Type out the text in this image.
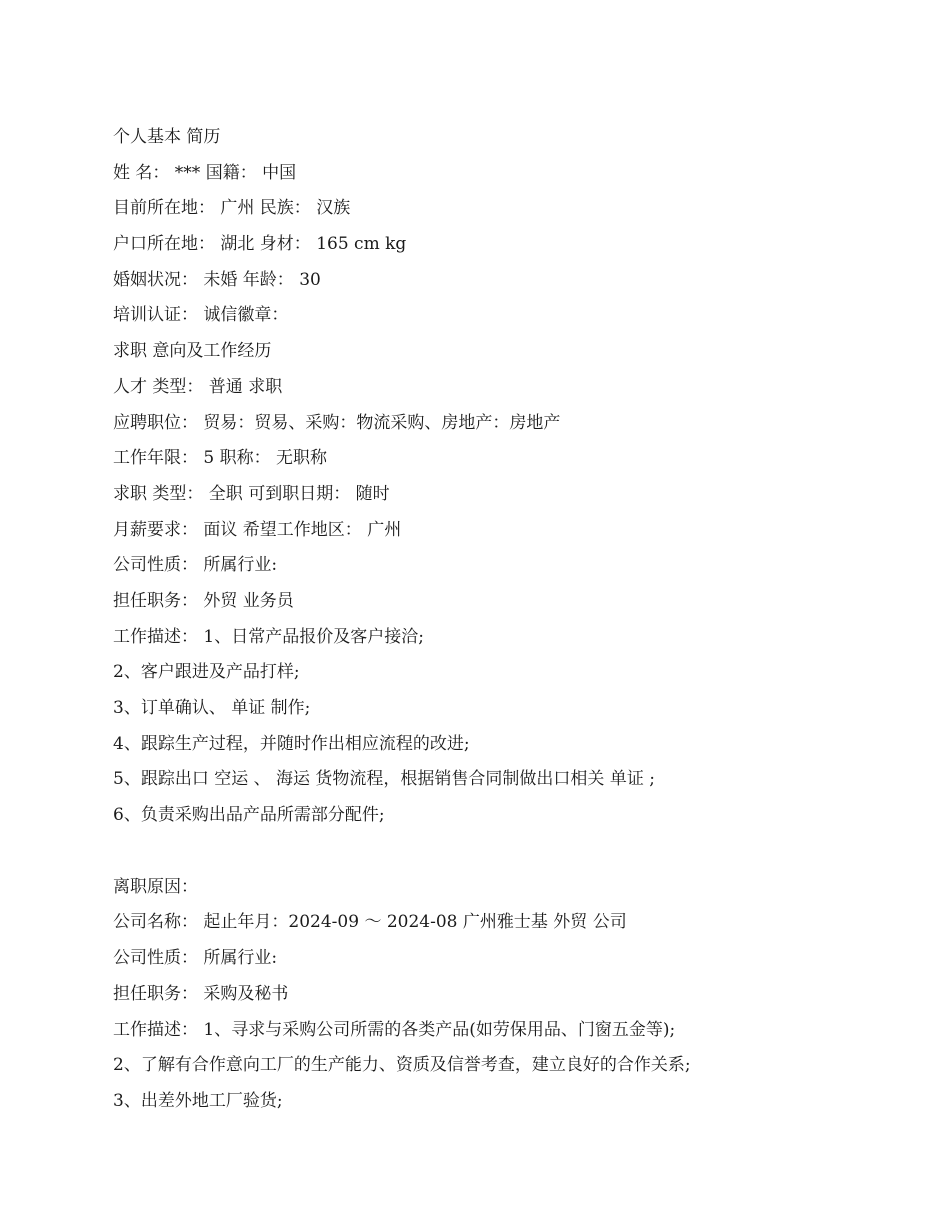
个人基本 简历
姓 名： *** 国籍： 中国
目前所在地： 广州 民族： 汉族
户口所在地： 湖北 身材： 165 cm kg
婚姻状况： 未婚 年龄： 30
培训认证： 诚信徽章：
求职 意向及工作经历
人才 类型： 普通 求职
应聘职位： 贸易：贸易、采购：物流采购、房地产：房地产
工作年限： 5 职称： 无职称
求职 类型： 全职 可到职日期： 随时
月薪要求： 面议 希望工作地区： 广州
公司性质： 所属行业:
担任职务： 外贸 业务员
工作描述： 1、日常产品报价及客户接洽;
2、客户跟进及产品打样;
3、订单确认、 单证 制作;
4、跟踪生产过程，并随时作出相应流程的改进;
5、跟踪出口 空运 、 海运 货物流程，根据销售合同制做出口相关 单证 ;
6、负责采购出品产品所需部分配件;
离职原因：
公司名称： 起止年月：2024-09 ～ 2024-08 广州雅士基 外贸 公司
公司性质： 所属行业:
担任职务： 采购及秘书
工作描述： 1、寻求与采购公司所需的各类产品(如劳保用品、门窗五金等);
2、了解有合作意向工厂的生产能力、资质及信誉考查，建立良好的合作关系;
3、出差外地工厂验货;
